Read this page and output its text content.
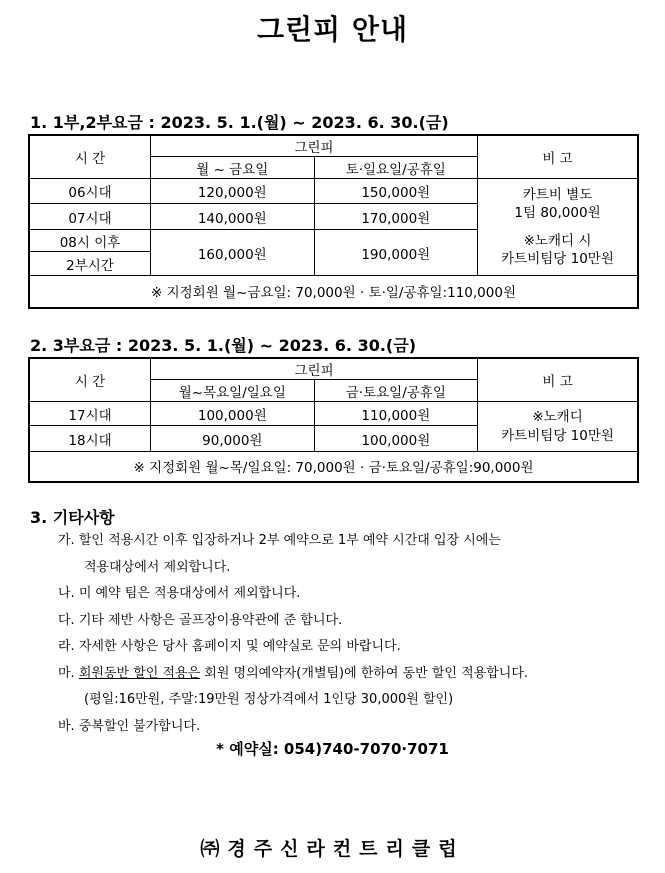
그린피 안내
1. 1부,2부요금 : 2023. 5. 1.(월) ~ 2023. 6. 30.(금)
시 간	그린피		비 고
	월 ~ 금요일	토·일요일/공휴일	
06시대	120,000원	150,000원	카트비 별도
1팀 80,000원
※노캐디 시
카트비팀당 10만원

07시대	140,000원	170,000원	
08시 이후	160,000원	190,000원	
2부시간			
※ 지정회원 월~금요일: 70,000원 · 토·일/공휴일:110,000원			
2. 3부요금 : 2023. 5. 1.(월) ~ 2023. 6. 30.(금)
시 간	그린피		비 고
	월~목요일/일요일	금·토요일/공휴일	
17시대	100,000원	110,000원	※노캐디
카트비팀당 10만원

18시대	90,000원	100,000원	
※ 지정회원 월~목/일요일: 70,000원 · 금·토요일/공휴일:90,000원			
3. 기타사항
가. 할인 적용시간 이후 입장하거나 2부 예약으로 1부 예약 시간대 입장 시에는
적용대상에서 제외합니다.
나. 미 예약 팀은 적용대상에서 제외합니다.
다. 기타 제반 사항은 골프장이용약관에 준 합니다.
라. 자세한 사항은 당사 홈페이지 및 예약실로 문의 바랍니다.
마. 회원동반 할인 적용은 회원 명의예약자(개별팀)에 한하여 동반 할인 적용합니다.
(평일:16만원, 주말:19만원 정상가격에서 1인당 30,000원 할인)
바. 중복할인 불가합니다.
* 예약실: 054)740-7070·7071
㈜경주신라컨트리클럽
